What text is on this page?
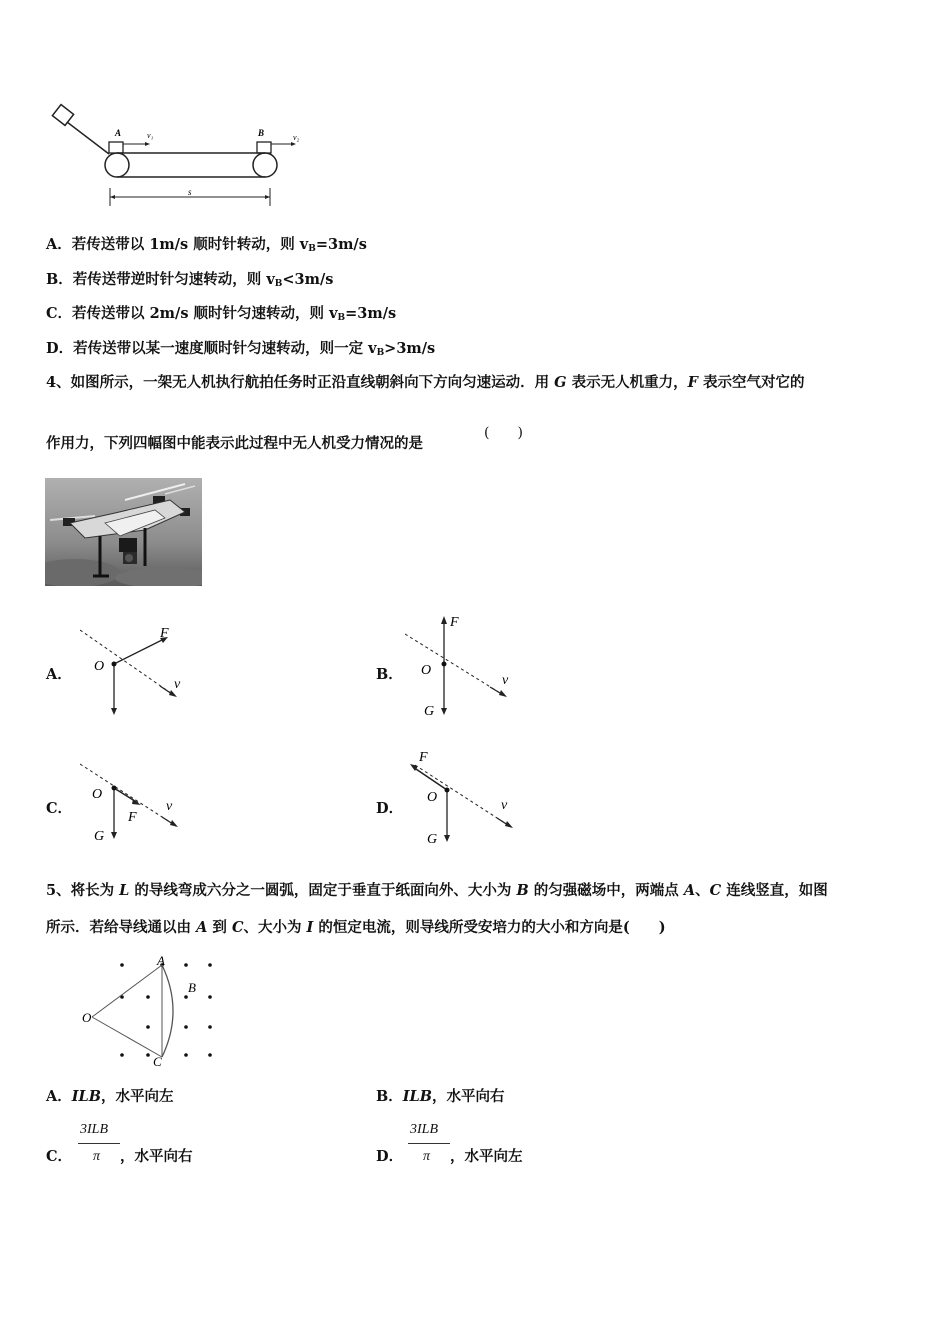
A	v₁	B	v₂
s
A．若传送带以 1m/s 顺时针转动，则 $v_B=3m/s$
B．若传送带逆时针匀速转动，则 $v_B<3m/s$
C．若传送带以 2m/s 顺时针匀速转动，则 $v_B=3m/s$
D．若传送带以某一速度顺时针匀速转动，则一定 $v_B>3m/s$
4、如图所示，一架无人机执行航拍任务时正沿直线朝斜向下方向匀速运动．用 G 表示无人机重力，F 表示空气对它的
作用力，下列四幅图中能表示此过程中无人机受力情况的是
(　　)
A． O
F
v
B．
F
O
G
v
C．
O
F
G
v	D．
F
O
G
v
5、将长为 L 的导线弯成六分之一圆弧，固定于垂直于纸面向外、大小为 B 的匀强磁场中，两端点 A、C 连线竖直，如图
所示．若给导线通以由 A 到 C、大小为 I 的恒定电流，则导线所受安培力的大小和方向是(　　)
A
B
C
O
A．ILB，水平向左	B．ILB，水平向右
C．
3ILB
π ，水平向右	D．
3ILB
π ，水平向左
